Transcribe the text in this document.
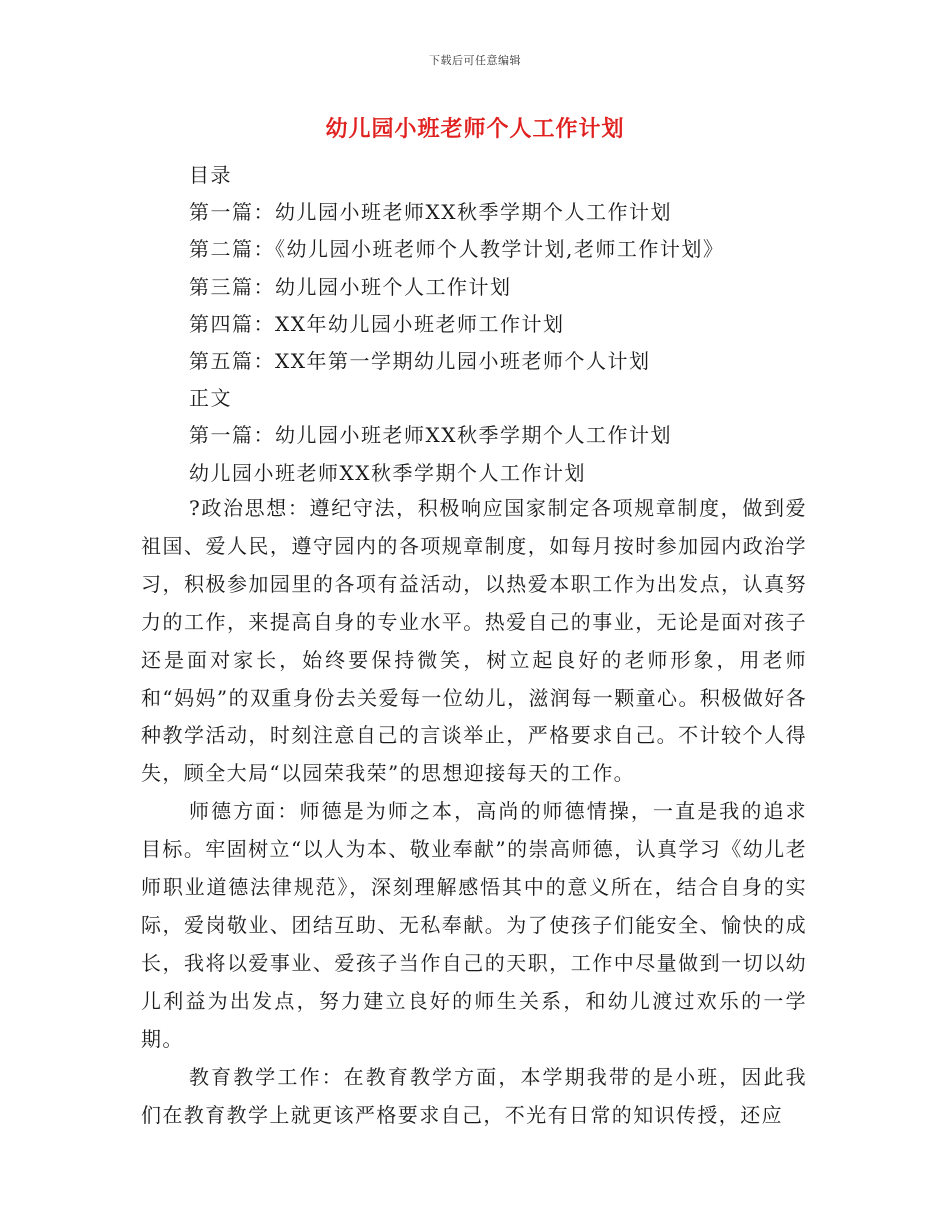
下载后可任意编辑
幼儿园小班老师个人工作计划
目录
第一篇：幼儿园小班老师XX秋季学期个人工作计划
第二篇：《幼儿园小班老师个人教学计划,老师工作计划》
第三篇：幼儿园小班个人工作计划
第四篇：XX年幼儿园小班老师工作计划
第五篇：XX年第一学期幼儿园小班老师个人计划
正文
第一篇：幼儿园小班老师XX秋季学期个人工作计划
幼儿园小班老师XX秋季学期个人工作计划

?政治思想：遵纪守法，积极响应国家制定各项规章制度，做到爱祖国、爱人民，遵守园内的各项规章制度，如每月按时参加园内政治学习，积极参加园里的各项有益活动，以热爱本职工作为出发点，认真努力的工作，来提高自身的专业水平。热爱自己的事业，无论是面对孩子还是面对家长，始终要保持微笑，树立起良好的老师形象，用老师和“妈妈”的双重身份去关爱每一位幼儿，滋润每一颗童心。积极做好各种教学活动，时刻注意自己的言谈举止，严格要求自己。不计较个人得失，顾全大局“以园荣我荣”的思想迎接每天的工作。

师德方面：师德是为师之本，高尚的师德情操，一直是我的追求目标。牢固树立“以人为本、敬业奉献”的崇高师德，认真学习《幼儿老师职业道德法律规范》，深刻理解感悟其中的意义所在，结合自身的实际，爱岗敬业、团结互助、无私奉献。为了使孩子们能安全、愉快的成长，我将以爱事业、爱孩子当作自己的天职，工作中尽量做到一切以幼儿利益为出发点，努力建立良好的师生关系，和幼儿渡过欢乐的一学期。

教育教学工作：在教育教学方面，本学期我带的是小班，因此我们在教育教学上就更该严格要求自己，不光有日常的知识传授，还应
